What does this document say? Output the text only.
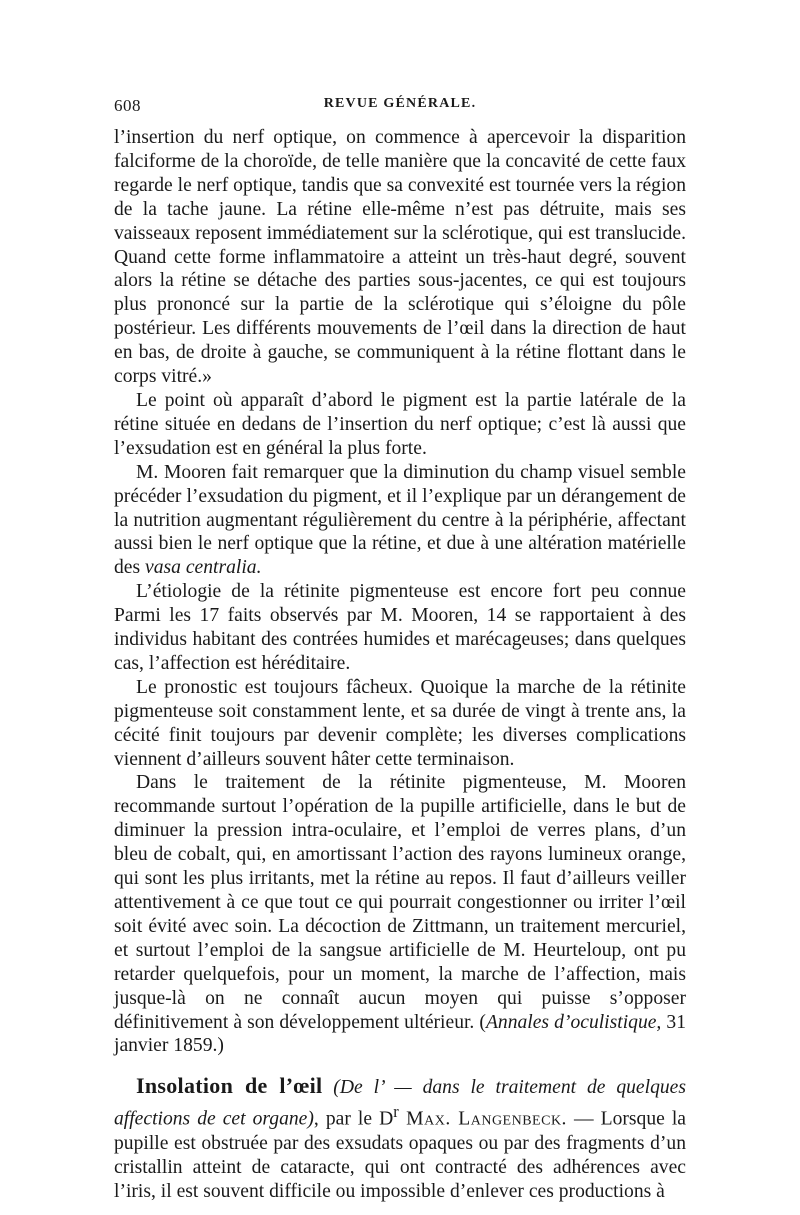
608	REVUE GÉNÉRALE.

l’insertion du nerf optique, on commence à apercevoir la disparition falciforme de la choroïde, de telle manière que la concavité de cette faux regarde le nerf optique, tandis que sa convexité est tournée vers la région de la tache jaune. La rétine elle-même n’est pas détruite, mais ses vaisseaux reposent immédiatement sur la sclérotique, qui est translucide. Quand cette forme inflammatoire a atteint un très-haut degré, souvent alors la rétine se détache des parties sous-jacentes, ce qui est toujours plus prononcé sur la partie de la sclérotique qui s’éloigne du pôle postérieur. Les différents mouvements de l’œil dans la direction de haut en bas, de droite à gauche, se communiquent à la rétine flottant dans le corps vitré.»

Le point où apparaît d’abord le pigment est la partie latérale de la rétine située en dedans de l’insertion du nerf optique; c’est là aussi que l’exsudation est en général la plus forte.

M. Mooren fait remarquer que la diminution du champ visuel semble précéder l’exsudation du pigment, et il l’explique par un dérangement de la nutrition augmentant régulièrement du centre à la périphérie, affectant aussi bien le nerf optique que la rétine, et due à une altération matérielle des vasa centralia.

L’étiologie de la rétinite pigmenteuse est encore fort peu connue Parmi les 17 faits observés par M. Mooren, 14 se rapportaient à des individus habitant des contrées humides et marécageuses; dans quelques cas, l’affection est héréditaire.

Le pronostic est toujours fâcheux. Quoique la marche de la rétinite pigmenteuse soit constamment lente, et sa durée de vingt à trente ans, la cécité finit toujours par devenir complète; les diverses complications viennent d’ailleurs souvent hâter cette terminaison.

Dans le traitement de la rétinite pigmenteuse, M. Mooren recommande surtout l’opération de la pupille artificielle, dans le but de diminuer la pression intra-oculaire, et l’emploi de verres plans, d’un bleu de cobalt, qui, en amortissant l’action des rayons lumineux orange, qui sont les plus irritants, met la rétine au repos. Il faut d’ailleurs veiller attentivement à ce que tout ce qui pourrait congestionner ou irriter l’œil soit évité avec soin. La décoction de Zittmann, un traitement mercuriel, et surtout l’emploi de la sangsue artificielle de M. Heurteloup, ont pu retarder quelquefois, pour un moment, la marche de l’affection, mais jusque-là on ne connaît aucun moyen qui puisse s’opposer définitivement à son développement ultérieur. (Annales d’oculistique, 31 janvier 1859.)

Insolation de l’œil (De l’ — dans le traitement de quelques affections de cet organe), par le $D^r$ Max. Langenbeck. — Lorsque la pupille est obstruée par des exsudats opaques ou par des fragments d’un cristallin atteint de cataracte, qui ont contracté des adhérences avec l’iris, il est souvent difficile ou impossible d’enlever ces productions à
